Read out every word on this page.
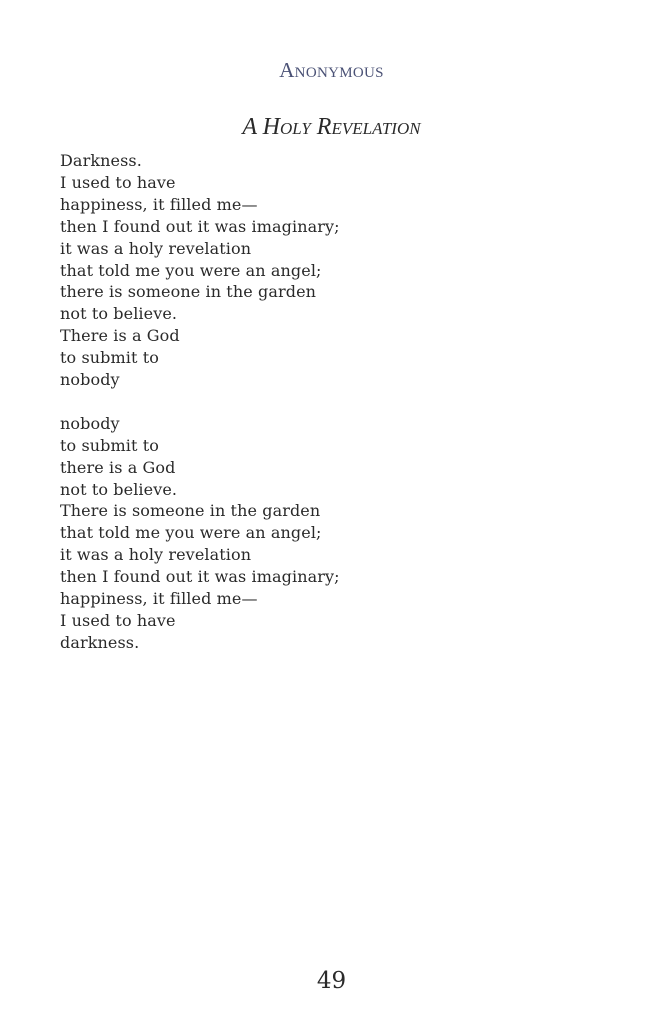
Anonymous
A Holy Revelation
Darkness.
I used to have
happiness, it filled me—
then I found out it was imaginary;
it was a holy revelation
that told me you were an angel;
there is someone in the garden
not to believe.
There is a God
to submit to
nobody
nobody
to submit to
there is a God
not to believe.
There is someone in the garden
that told me you were an angel;
it was a holy revelation
then I found out it was imaginary;
happiness, it filled me—
I used to have
darkness.
49
